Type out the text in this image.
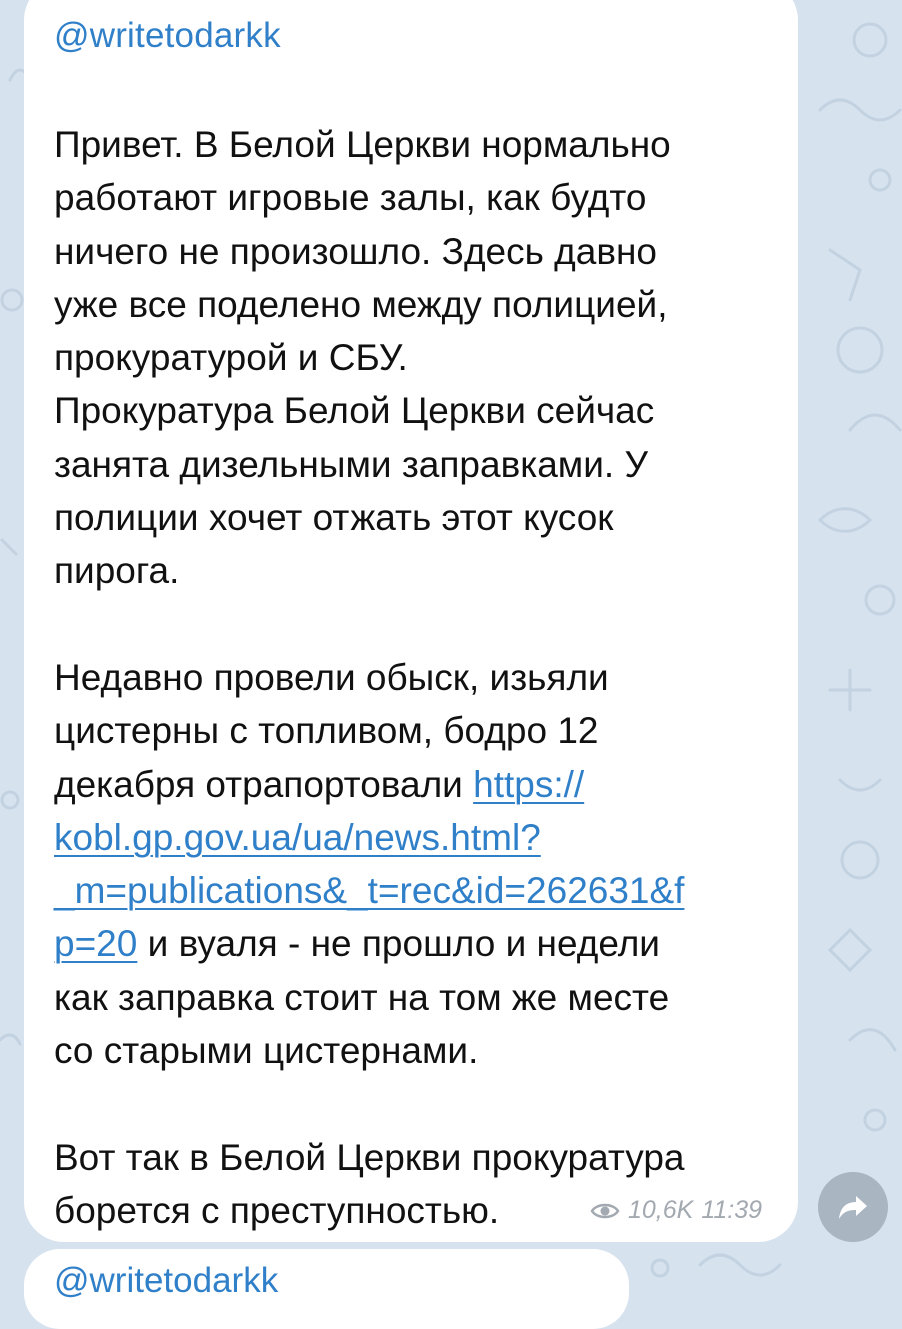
@writetodarkk
Привет. В Белой Церкви нормально
работают игровые залы, как будто
ничего не произошло. Здесь давно
уже все поделено между полицией,
прокуратурой и СБУ.
Прокуратура Белой Церкви сейчас
занята дизельными заправками. У
полиции хочет отжать этот кусок
пирога.
Недавно провели обыск, изьяли
цистерны с топливом, бодро 12
декабря отрапортовали https://
kobl.gp.gov.ua/ua/news.html?
_m=publications&_t=rec&id=262631&f
p=20 и вуаля - не прошло и недели
как заправка стоит на том же месте
со старыми цистернами.
Вот так в Белой Церкви прокуратура
борется с преступностью.	10,6K 11:39
@writetodarkk
